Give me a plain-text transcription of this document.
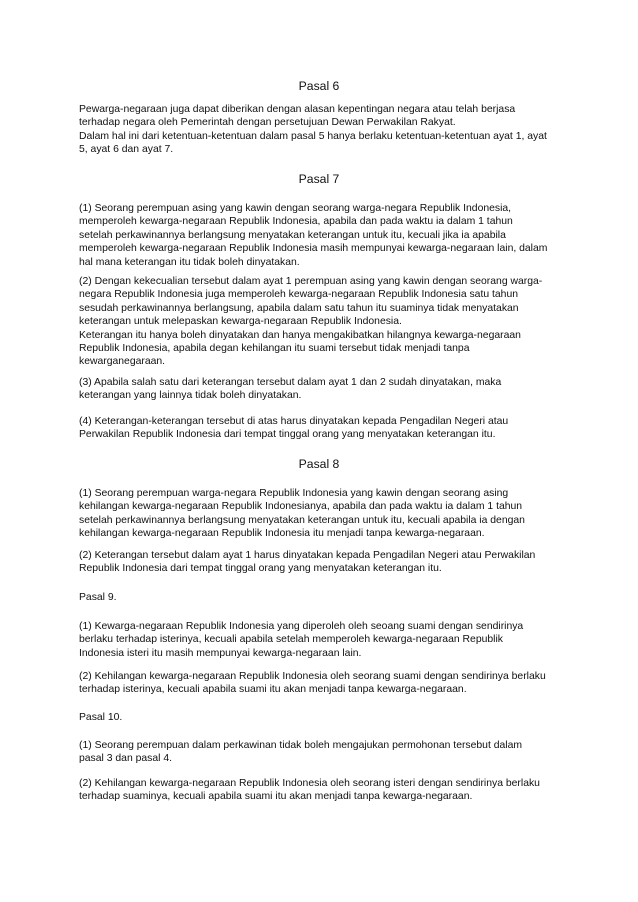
Pasal 6
Pewarga-negaraan juga dapat diberikan dengan alasan kepentingan negara atau telah berjasa
terhadap negara oleh Pemerintah dengan persetujuan Dewan Perwakilan Rakyat.
Dalam hal ini dari ketentuan-ketentuan dalam pasal 5 hanya berlaku ketentuan-ketentuan ayat 1, ayat
5, ayat 6 dan ayat 7.
Pasal 7
(1) Seorang perempuan asing yang kawin dengan seorang warga-negara Republik Indonesia,
memperoleh kewarga-negaraan Republik Indonesia, apabila dan pada waktu ia dalam 1 tahun
setelah perkawinannya berlangsung menyatakan keterangan untuk itu, kecuali jika ia apabila
memperoleh kewarga-negaraan Republik Indonesia masih mempunyai kewarga-negaraan lain, dalam
hal mana keterangan itu tidak boleh dinyatakan.
(2) Dengan kekecualian tersebut dalam ayat 1 perempuan asing yang kawin dengan seorang warga-
negara Republik Indonesia juga memperoleh kewarga-negaraan Republik Indonesia satu tahun
sesudah perkawinannya berlangsung, apabila dalam satu tahun itu suaminya tidak menyatakan
keterangan untuk melepaskan kewarga-negaraan Republik Indonesia.
Keterangan itu hanya boleh dinyatakan dan hanya mengakibatkan hilangnya kewarga-negaraan
Republik Indonesia, apabila degan kehilangan itu suami tersebut tidak menjadi tanpa
kewarganegaraan.
(3) Apabila salah satu dari keterangan tersebut dalam ayat 1 dan 2 sudah dinyatakan, maka
keterangan yang lainnya tidak boleh dinyatakan.
(4) Keterangan-keterangan tersebut di atas harus dinyatakan kepada Pengadilan Negeri atau
Perwakilan Republik Indonesia dari tempat tinggal orang yang menyatakan keterangan itu.
Pasal 8
(1) Seorang perempuan warga-negara Republik Indonesia yang kawin dengan seorang asing
kehilangan kewarga-negaraan Republik Indonesianya, apabila dan pada waktu ia dalam 1 tahun
setelah perkawinannya berlangsung menyatakan keterangan untuk itu, kecuali apabila ia dengan
kehilangan kewarga-negaraan Republik Indonesia itu menjadi tanpa kewarga-negaraan.
(2) Keterangan tersebut dalam ayat 1 harus dinyatakan kepada Pengadilan Negeri atau Perwakilan
Republik Indonesia dari tempat tinggal orang yang menyatakan keterangan itu.
Pasal 9.
(1) Kewarga-negaraan Republik Indonesia yang diperoleh oleh seoang suami dengan sendirinya
berlaku terhadap isterinya, kecuali apabila setelah memperoleh kewarga-negaraan Republik
Indonesia isteri itu masih mempunyai kewarga-negaraan lain.
(2) Kehilangan kewarga-negaraan Republik Indonesia oleh seorang suami dengan sendirinya berlaku
terhadap isterinya, kecuali apabila suami itu akan menjadi tanpa kewarga-negaraan.
Pasal 10.
(1) Seorang perempuan dalam perkawinan tidak boleh mengajukan permohonan tersebut dalam
pasal 3 dan pasal 4.
(2) Kehilangan kewarga-negaraan Republik Indonesia oleh seorang isteri dengan sendirinya berlaku
terhadap suaminya, kecuali apabila suami itu akan menjadi tanpa kewarga-negaraan.
